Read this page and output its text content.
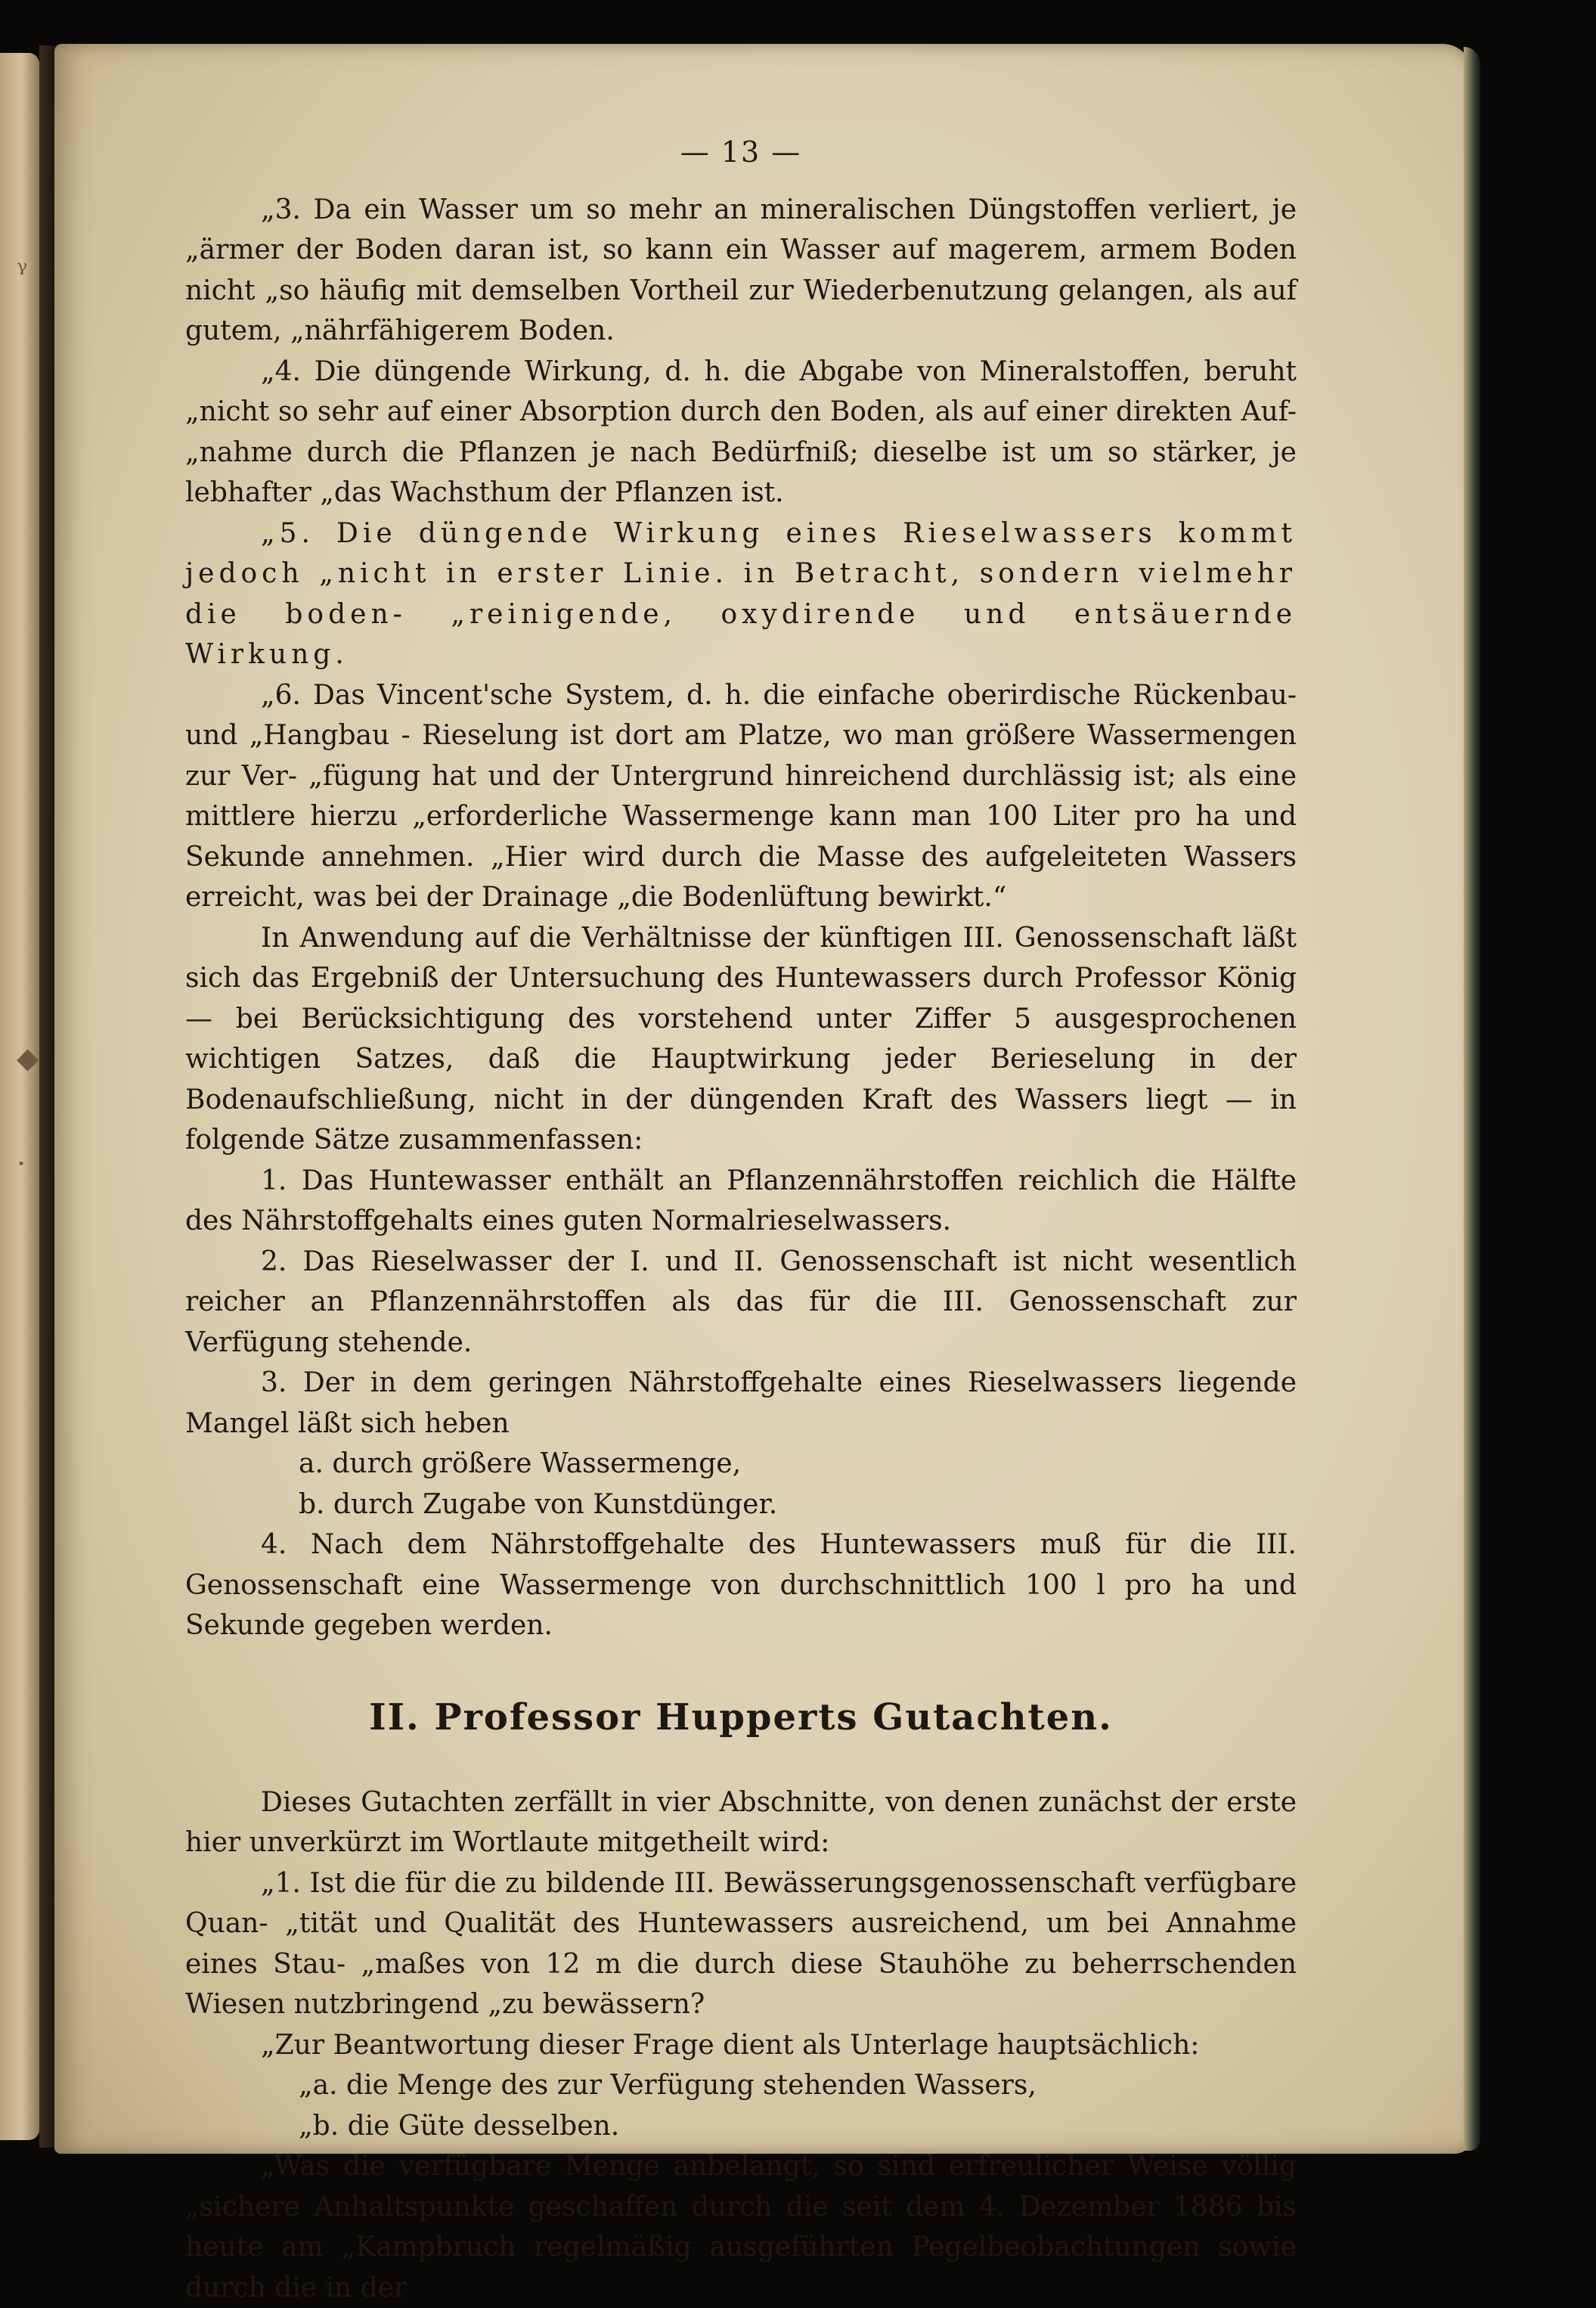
ᵞ
◆
·
— 13 —

„3. Da ein Wasser um so mehr an mineralischen Düngstoffen verliert, je „ärmer der Boden daran ist, so kann ein Wasser auf magerem, armem Boden nicht „so häufig mit demselben Vortheil zur Wiederbenutzung gelangen, als auf gutem, „nährfähigerem Boden.

„4. Die düngende Wirkung, d. h. die Abgabe von Mineralstoffen, beruht „nicht so sehr auf einer Absorption durch den Boden, als auf einer direkten Auf- „nahme durch die Pflanzen je nach Bedürfniß; dieselbe ist um so stärker, je lebhafter „das Wachsthum der Pflanzen ist.

„5. Die düngende Wirkung eines Rieselwassers kommt jedoch „nicht in erster Linie. in Betracht, sondern vielmehr die boden- „reinigende, oxydirende und entsäuernde Wirkung.

„6. Das Vincent'sche System, d. h. die einfache oberirdische Rückenbau- und „Hangbau - Rieselung ist dort am Platze, wo man größere Wassermengen zur Ver- „fügung hat und der Untergrund hinreichend durchlässig ist; als eine mittlere hierzu „erforderliche Wassermenge kann man 100 Liter pro ha und Sekunde annehmen. „Hier wird durch die Masse des aufgeleiteten Wassers erreicht, was bei der Drainage „die Bodenlüftung bewirkt.“

In Anwendung auf die Verhältnisse der künftigen III. Genossenschaft läßt sich das Ergebniß der Untersuchung des Huntewassers durch Professor König — bei Berücksichtigung des vorstehend unter Ziffer 5 ausgesprochenen wichtigen Satzes, daß die Hauptwirkung jeder Berieselung in der Bodenaufschließung, nicht in der düngenden Kraft des Wassers liegt — in folgende Sätze zusammenfassen:

1. Das Huntewasser enthält an Pflanzennährstoffen reichlich die Hälfte des Nährstoffgehalts eines guten Normalrieselwassers.

2. Das Rieselwasser der I. und II. Genossenschaft ist nicht wesentlich reicher an Pflanzennährstoffen als das für die III. Genossenschaft zur Verfügung stehende.

3. Der in dem geringen Nährstoffgehalte eines Rieselwassers liegende Mangel läßt sich heben

a. durch größere Wassermenge,

b. durch Zugabe von Kunstdünger.

4. Nach dem Nährstoffgehalte des Huntewassers muß für die III. Genossenschaft eine Wassermenge von durchschnittlich 100 l pro ha und Sekunde gegeben werden.

II. Professor Hupperts Gutachten.

Dieses Gutachten zerfällt in vier Abschnitte, von denen zunächst der erste hier unverkürzt im Wortlaute mitgetheilt wird:

„1. Ist die für die zu bildende III. Bewässerungsgenossenschaft verfügbare Quan- „tität und Qualität des Huntewassers ausreichend, um bei Annahme eines Stau- „maßes von 12 m die durch diese Stauhöhe zu beherrschenden Wiesen nutzbringend „zu bewässern?

„Zur Beantwortung dieser Frage dient als Unterlage hauptsächlich:

„a. die Menge des zur Verfügung stehenden Wassers,

„b. die Güte desselben.

„Was die verfügbare Menge anbelangt, so sind erfreulicher Weise völlig „sichere Anhaltspunkte geschaffen durch die seit dem 4. Dezember 1886 bis heute am „Kampbruch regelmäßig ausgeführten Pegelbeobachtungen sowie durch die in der
